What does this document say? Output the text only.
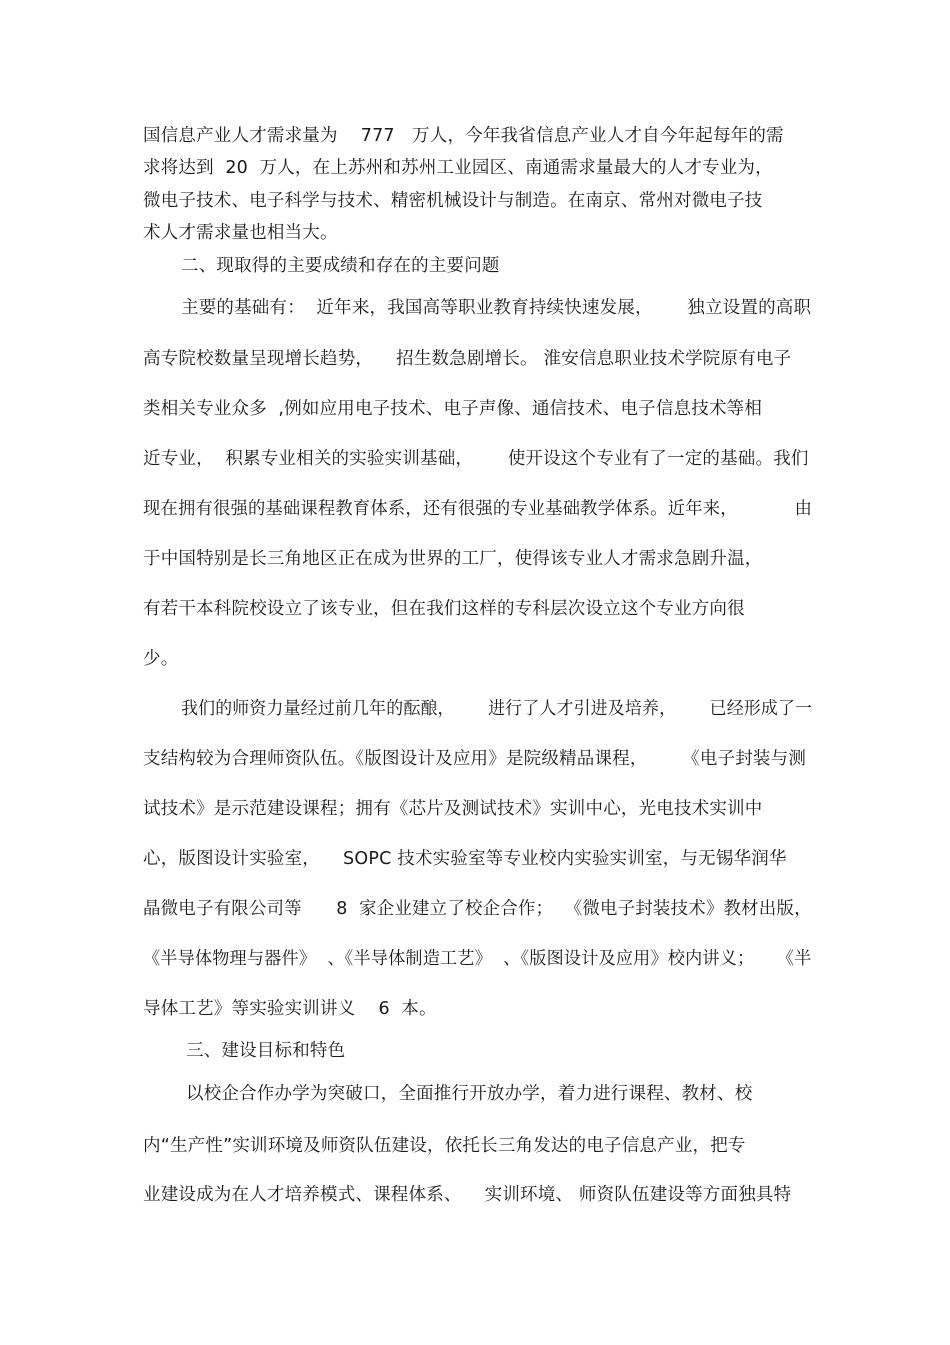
国信息产业人才需求量为    777   万人，今年我省信息产业人才自今年起每年的需
求将达到  20  万人，在上苏州和苏州工业园区、南通需求量最大的人才专业为，
微电子技术、电子科学与技术、精密机械设计与制造。在南京、常州对微电子技
术人才需求量也相当大。
二、现取得的主要成绩和存在的主要问题
主要的基础有：  近年来，我国高等职业教育持续快速发展，      独立设置的高职
高专院校数量呈现增长趋势，    招生数急剧增长。 淮安信息职业技术学院原有电子
类相关专业众多  ,例如应用电子技术、电子声像、通信技术、电子信息技术等相
近专业，  积累专业相关的实验实训基础，      使开设这个专业有了一定的基础。我们
现在拥有很强的基础课程教育体系，还有很强的专业基础教学体系。近年来，          由
于中国特别是长三角地区正在成为世界的工厂，使得该专业人才需求急剧升温，
有若干本科院校设立了该专业，但在我们这样的专科层次设立这个专业方向很
少。
我们的师资力量经过前几年的酝酿，      进行了人才引进及培养，      已经形成了一
支结构较为合理师资队伍。《版图设计及应用》是院级精品课程，      《电子封装与测
试技术》是示范建设课程；拥有《芯片及测试技术》实训中心，光电技术实训中
心，版图设计实验室，    SOPC 技术实验室等专业校内实验实训室，与无锡华润华
晶微电子有限公司等      8  家企业建立了校企合作；  《微电子封装技术》教材出版，
《半导体物理与器件》  、《半导体制造工艺》  、《版图设计及应用》校内讲义；    《半
导体工艺》等实验实训讲义    6  本。
三、建设目标和特色
以校企合作办学为突破口，全面推行开放办学，着力进行课程、教材、校
内“生产性”实训环境及师资队伍建设，依托长三角发达的电子信息产业，把专
业建设成为在人才培养模式、课程体系、    实训环境、 师资队伍建设等方面独具特
